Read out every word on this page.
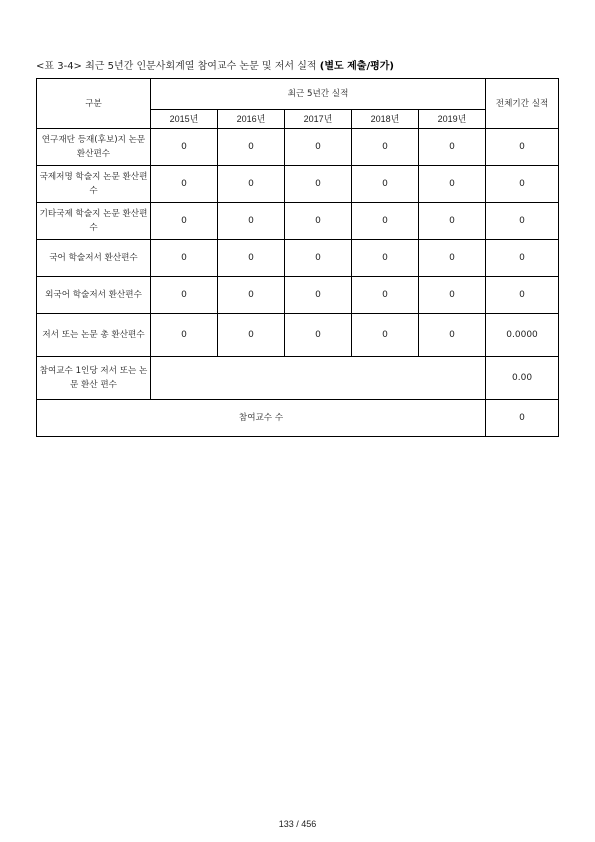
<표 3-4> 최근 5년간 인문사회계열 참여교수 논문 및 저서 실적 (별도 제출/평가)
구분	최근 5년간 실적					전체기간 실적
	2015년	2016년	2017년	2018년	2019년	
연구재단 등재(후보)지 논문 환산편수	0	0	0	0	0	0
국제저명 학술지 논문 환산편수	0	0	0	0	0	0
기타국제 학술지 논문 환산편수	0	0	0	0	0	0
국어 학술저서 환산편수	0	0	0	0	0	0
외국어 학술저서 환산편수	0	0	0	0	0	0
저서 또는 논문 총 환산편수	0	0	0	0	0	0.0000
참여교수 1인당 저서 또는 논문 환산 편수						0.00
참여교수 수						0
133 / 456
